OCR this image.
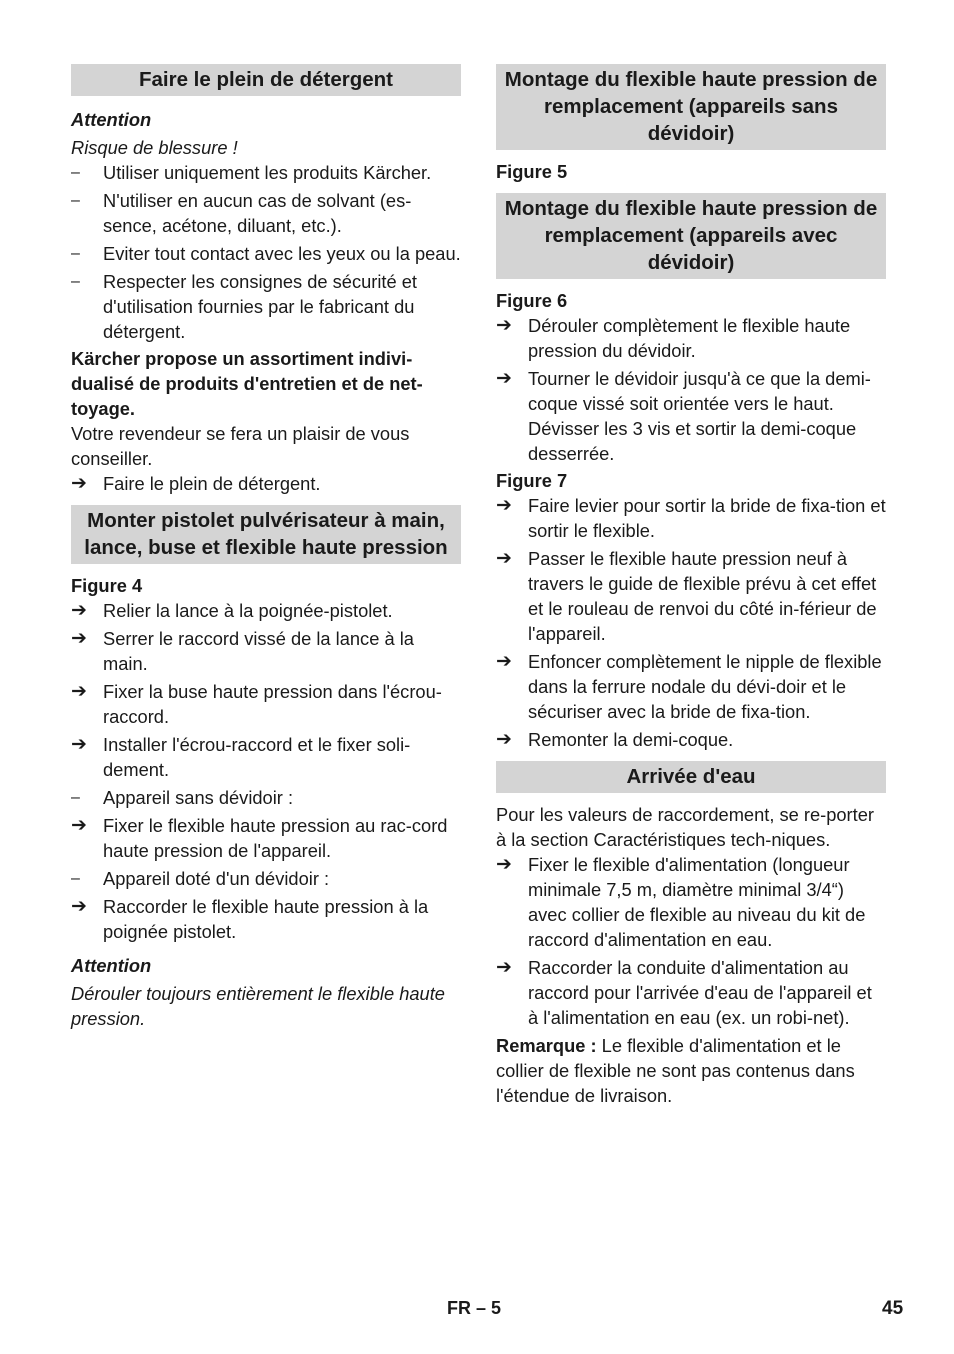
Faire le plein de détergent
Attention
Risque de blessure !
–	Utiliser uniquement les produits Kärcher.
–	N'utiliser en aucun cas de solvant (es-sence, acétone, diluant, etc.).
–	Eviter tout contact avec les yeux ou la peau.
–	Respecter les consignes de sécurité et d'utilisation fournies par le fabricant du détergent.
Kärcher propose un assortiment indivi-dualisé de produits d'entretien et de net-toyage.
Votre revendeur se fera un plaisir de vous conseiller.
➔ Faire le plein de détergent.
Monter pistolet pulvérisateur à main, lance, buse et flexible haute pression
Figure 4
➔ Relier la lance à la poignée-pistolet.
➔ Serrer le raccord vissé de la lance à la main.
➔ Fixer la buse haute pression dans l'écrou-raccord.
➔ Installer l'écrou-raccord et le fixer soli-dement.
–	Appareil sans dévidoir :
➔ Fixer le flexible haute pression au rac-cord haute pression de l'appareil.
–	Appareil doté d'un dévidoir :
➔ Raccorder le flexible haute pression à la poignée pistolet.
Attention
Dérouler toujours entièrement le flexible haute pression.
Montage du flexible haute pression de remplacement (appareils sans dévidoir)
Figure 5
Montage du flexible haute pression de remplacement (appareils avec dévidoir)
Figure 6
➔ Dérouler complètement le flexible haute pression du dévidoir.
➔ Tourner le dévidoir jusqu'à ce que la demi-coque vissé soit orientée vers le haut. Dévisser les 3 vis et sortir la demi-coque desserrée.
Figure 7
➔ Faire levier pour sortir la bride de fixa-tion et sortir le flexible.
➔ Passer le flexible haute pression neuf à travers le guide de flexible prévu à cet effet et le rouleau de renvoi du côté in-férieur de l'appareil.
➔ Enfoncer complètement le nipple de flexible dans la ferrure nodale du dévi-doir et le sécuriser avec la bride de fixa-tion.
➔ Remonter la demi-coque.
Arrivée d'eau
Pour les valeurs de raccordement, se re-porter à la section Caractéristiques tech-niques.
➔ Fixer le flexible d'alimentation (longueur minimale 7,5 m, diamètre minimal 3/4“) avec collier de flexible au niveau du kit de raccord d'alimentation en eau.
➔ Raccorder la conduite d'alimentation au raccord pour l'arrivée d'eau de l'appareil et à l'alimentation en eau (ex. un robi-net).
Remarque : Le flexible d'alimentation et le collier de flexible ne sont pas contenus dans l'étendue de livraison.
FR – 5	45
